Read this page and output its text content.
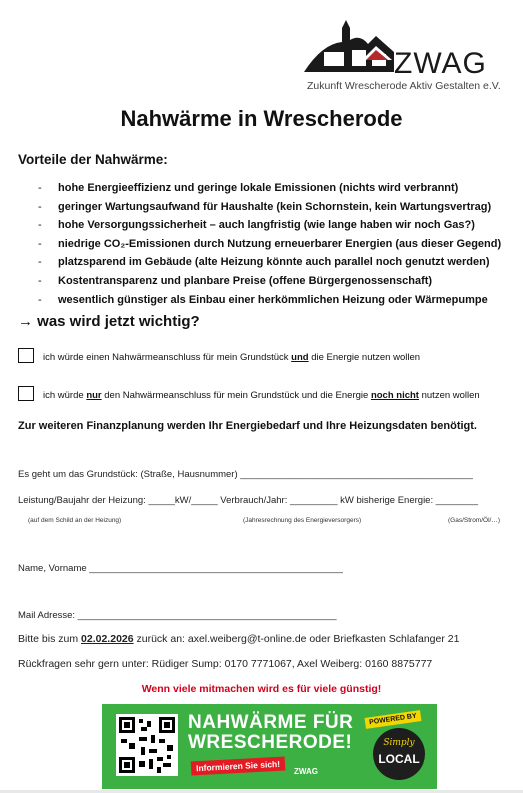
ZWAG
Zukunft Wrescherode Aktiv Gestalten e.V.
Nahwärme in Wrescherode
Vorteile der Nahwärme:
- hohe Energieeffizienz und geringe lokale Emissionen (nichts wird verbrannt)
- geringer Wartungsaufwand für Haushalte (kein Schornstein, kein Wartungsvertrag)
- hohe Versorgungssicherheit – auch langfristig (wie lange haben wir noch Gas?)
- niedrige CO₂-Emissionen durch Nutzung erneuerbarer Energien (aus dieser Gegend)
- platzsparend im Gebäude (alte Heizung könnte auch parallel noch genutzt werden)
- Kostentransparenz und planbare Preise (offene Bürgergenossenschaft)
- wesentlich günstiger als Einbau einer herkömmlichen Heizung oder Wärmepumpe
→ was wird jetzt wichtig?
ich würde einen Nahwärmeanschluss für mein Grundstück und die Energie nutzen wollen
ich würde nur den Nahwärmeanschluss für mein Grundstück und die Energie noch nicht nutzen wollen
Zur weiteren Finanzplanung werden Ihr Energiebedarf und Ihre Heizungsdaten benötigt.
Es geht um das Grundstück: (Straße, Hausnummer) ____________________________________________
Leistung/Baujahr der Heizung: _____kW/_____ Verbrauch/Jahr: _________ kW bisherige Energie: ________
(auf dem Schild an der Heizung)	(Jahresrechnung des Energieversorgers)	(Gas/Strom/Öl/…)
Name, Vorname ________________________________________________
Mail Adresse: _________________________________________________
Bitte bis zum 02.02.2026 zurück an: axel.weiberg@t-online.de oder Briefkasten Schlafanger 21
Rückfragen sehr gern unter: Rüdiger Sump: 0170 7771067, Axel Weiberg: 0160 8875777
Wenn viele mitmachen wird es für viele günstig!
NAHWÄRME FÜR
WRESCHERODE!
Informieren Sie sich!	ZWAG
Simply
LOCAL
POWERED BY
